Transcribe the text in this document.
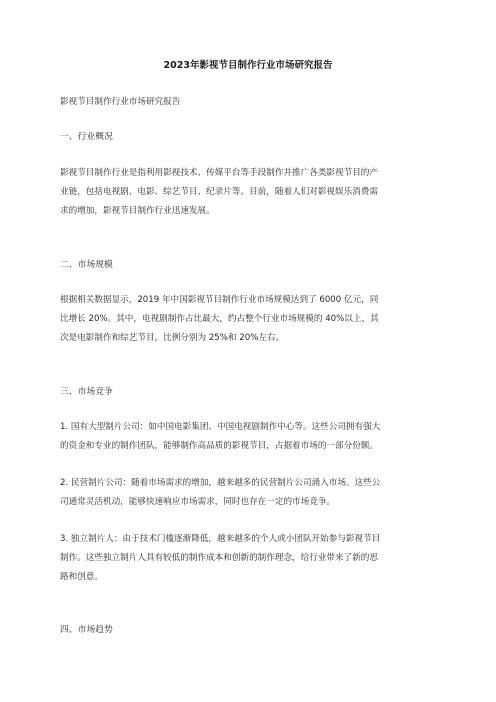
2023年影视节目制作行业市场研究报告
影视节目制作行业市场研究报告
一、行业概况
影视节目制作行业是指利用影视技术、传媒平台等手段制作并推广各类影视节目的产
业链，包括电视剧、电影、综艺节目、纪录片等。目前，随着人们对影视娱乐消费需
求的增加，影视节目制作行业迅速发展。
二、市场规模
根据相关数据显示，2019 年中国影视节目制作行业市场规模达到了 6000 亿元，同
比增长 20%。其中，电视剧制作占比最大，约占整个行业市场规模的 40%以上，其
次是电影制作和综艺节目，比例分别为 25%和 20%左右。
三、市场竞争
1. 国有大型制片公司：如中国电影集团、中国电视剧制作中心等。这些公司拥有强大
的资金和专业的制作团队，能够制作高品质的影视节目，占据着市场的一部分份额。
2. 民营制片公司：随着市场需求的增加，越来越多的民营制片公司涌入市场。这些公
司通常灵活机动，能够快速响应市场需求，同时也存在一定的市场竞争。
3. 独立制片人：由于技术门槛逐渐降低，越来越多的个人或小团队开始参与影视节目
制作。这些独立制片人具有较低的制作成本和创新的制作理念，给行业带来了新的思
路和创意。
四、市场趋势
